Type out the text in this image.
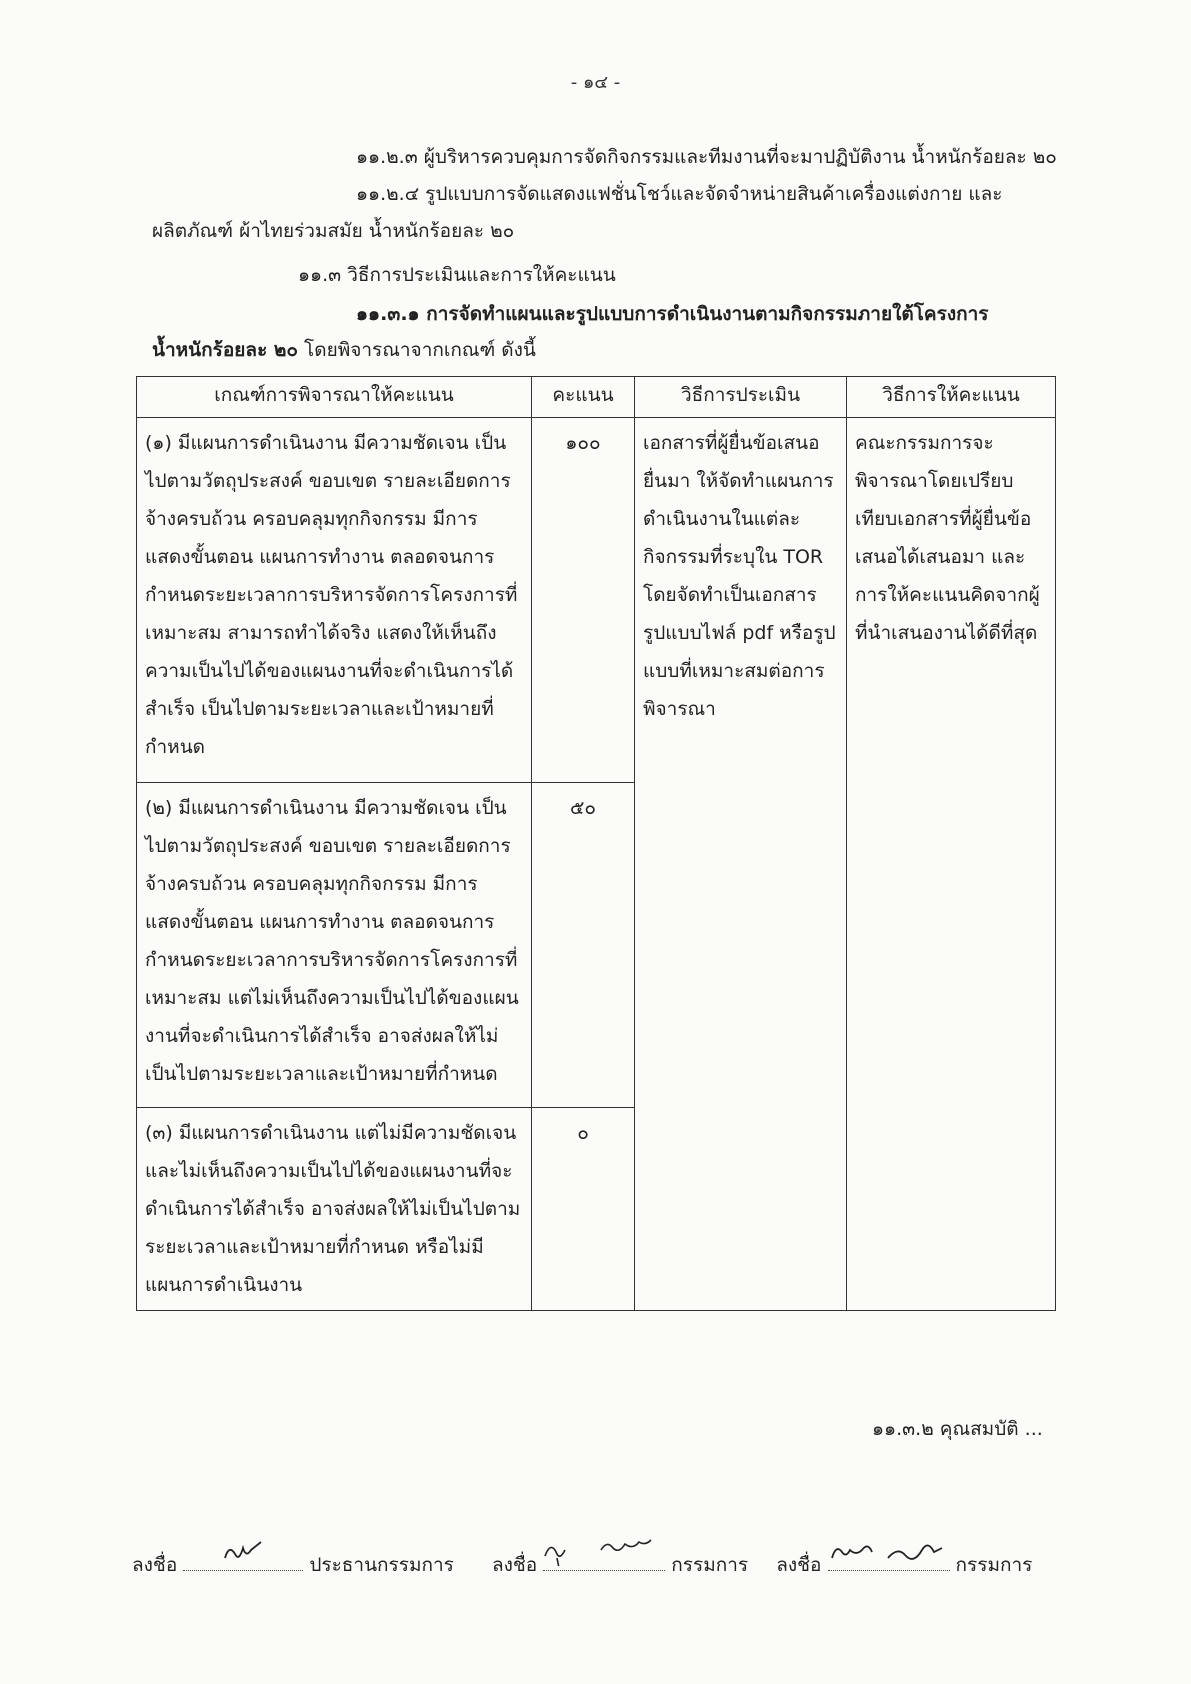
- ๑๔ -
๑๑.๒.๓ ผู้บริหารควบคุมการจัดกิจกรรมและทีมงานที่จะมาปฏิบัติงาน น้ำหนักร้อยละ ๒๐
๑๑.๒.๔ รูปแบบการจัดแสดงแฟชั่นโชว์และจัดจำหน่ายสินค้าเครื่องแต่งกาย และ
ผลิตภัณฑ์ ผ้าไทยร่วมสมัย น้ำหนักร้อยละ ๒๐
๑๑.๓ วิธีการประเมินและการให้คะแนน
๑๑.๓.๑ การจัดทำแผนและรูปแบบการดำเนินงานตามกิจกรรมภายใต้โครงการ
น้ำหนักร้อยละ ๒๐ โดยพิจารณาจากเกณฑ์ ดังนี้
เกณฑ์การพิจารณาให้คะแนน	คะแนน	วิธีการประเมิน	วิธีการให้คะแนน
(๑) มีแผนการดำเนินงาน มีความชัดเจน เป็นไปตามวัตถุประสงค์ ขอบเขต รายละเอียดการจ้างครบถ้วน ครอบคลุมทุกกิจกรรม มีการแสดงขั้นตอน แผนการทำงาน ตลอดจนการกำหนดระยะเวลาการบริหารจัดการโครงการที่เหมาะสม สามารถทำได้จริง แสดงให้เห็นถึงความเป็นไปได้ของแผนงานที่จะดำเนินการได้สำเร็จ เป็นไปตามระยะเวลาและเป้าหมายที่กำหนด	๑๐๐	เอกสารที่ผู้ยื่นข้อเสนอยื่นมา ให้จัดทำแผนการดำเนินงานในแต่ละกิจกรรมที่ระบุใน TOR โดยจัดทำเป็นเอกสารรูปแบบไฟล์ pdf หรือรูปแบบที่เหมาะสมต่อการพิจารณา	คณะกรรมการจะพิจารณาโดยเปรียบเทียบเอกสารที่ผู้ยื่นข้อเสนอได้เสนอมา และการให้คะแนนคิดจากผู้ที่นำเสนองานได้ดีที่สุด
(๒) มีแผนการดำเนินงาน มีความชัดเจน เป็นไปตามวัตถุประสงค์ ขอบเขต รายละเอียดการจ้างครบถ้วน ครอบคลุมทุกกิจกรรม มีการแสดงขั้นตอน แผนการทำงาน ตลอดจนการกำหนดระยะเวลาการบริหารจัดการโครงการที่เหมาะสม แต่ไม่เห็นถึงความเป็นไปได้ของแผนงานที่จะดำเนินการได้สำเร็จ อาจส่งผลให้ไม่เป็นไปตามระยะเวลาและเป้าหมายที่กำหนด	๕๐		
(๓) มีแผนการดำเนินงาน แต่ไม่มีความชัดเจน และไม่เห็นถึงความเป็นไปได้ของแผนงานที่จะดำเนินการได้สำเร็จ อาจส่งผลให้ไม่เป็นไปตามระยะเวลาและเป้าหมายที่กำหนด หรือไม่มีแผนการดำเนินงาน	๐		
๑๑.๓.๒ คุณสมบัติ ...
ลงชื่อ	ประธานกรรมการ ลงชื่อ	กรรมการ ลงชื่อ	กรรมการ
